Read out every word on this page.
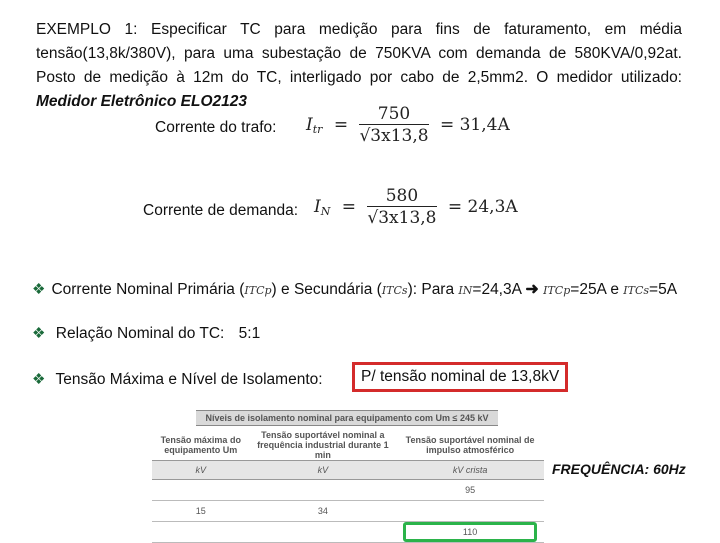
EXEMPLO 1: Especificar TC para medição para fins de faturamento, em média tensão(13,8k/380V), para uma subestação de 750KVA com demanda de 580KVA/0,92at. Posto de medição à 12m do TC, interligado por cabo de 2,5mm2. O medidor utilizado: Medidor Eletrônico ELO2123
Corrente do trafo: $I_{tr} = \frac{750}{√3x13,8} = 31,4A$
Corrente de demanda: $I_N = \frac{580}{√3x13,8} = 24,3A$
❖ Corrente Nominal Primária (ITCp) e Secundária (ITCs): Para IN=24,3A ➜ ITCp=25A e ITCs=5A
❖ Relação Nominal do TC: 5:1
❖ Tensão Máxima e Nível de Isolamento:	P/ tensão nominal de 13,8kV
Níveis de isolamento nominal para equipamento com Um ≤ 245 kV
Tensão máxima do equipamento Um	Tensão suportável nominal a frequência industrial durante 1 min	Tensão suportável nominal de impulso atmosférico
kV	kV	kV crista
		95
15	34	

		110
FREQUÊNCIA: 60Hz
